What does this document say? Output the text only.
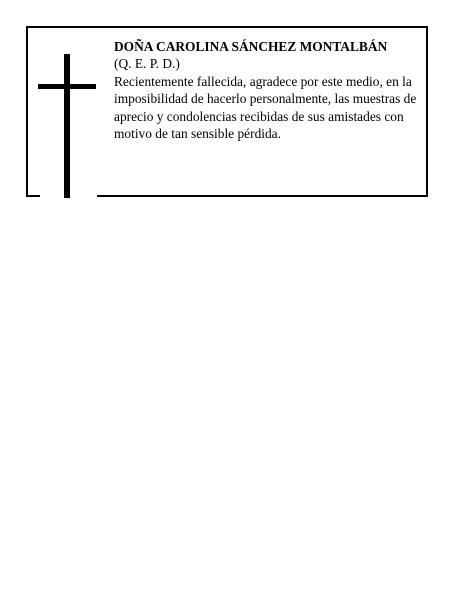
DOÑA CAROLINA SÁNCHEZ MONTALBÁN
(Q. E. P. D.)
Recientemente fallecida, agradece por este medio, en la imposibilidad de hacerlo personalmente, las muestras de aprecio y condolencias recibidas de sus amistades con motivo de tan sensible pérdida.
